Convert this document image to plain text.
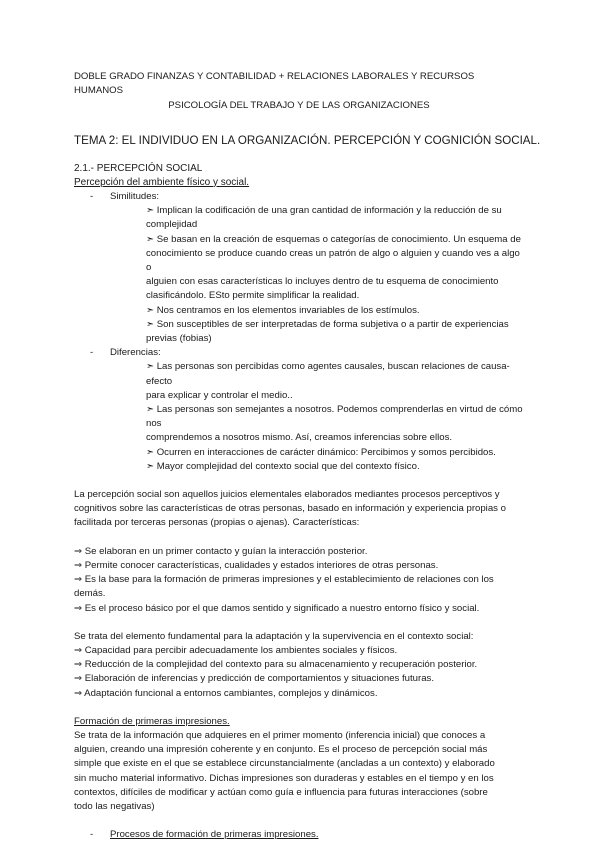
DOBLE GRADO FINANZAS Y CONTABILIDAD + RELACIONES LABORALES Y RECURSOS

HUMANOS

PSICOLOGÍA DEL TRABAJO Y DE LAS ORGANIZACIONES

TEMA 2: EL INDIVIDUO EN LA ORGANIZACIÓN. PERCEPCIÓN Y COGNICIÓN SOCIAL.

2.1.- PERCEPCIÓN SOCIAL

Percepción del ambiente físico y social.

- Similitudes:

➣ Implican la codificación de una gran cantidad de información y la reducción de su

complejidad

➣ Se basan en la creación de esquemas o categorías de conocimiento. Un esquema de

conocimiento se produce cuando creas un patrón de algo o alguien y cuando ves a algo o

alguien con esas características lo incluyes dentro de tu esquema de conocimiento

clasificándolo. ESto permite simplificar la realidad.

➣ Nos centramos en los elementos invariables de los estímulos.

➣ Son susceptibles de ser interpretadas de forma subjetiva o a partir de experiencias

previas (fobias)

- Diferencias:

➣ Las personas son percibidas como agentes causales, buscan relaciones de causa-efecto

para explicar y controlar el medio..

➣ Las personas son semejantes a nosotros. Podemos comprenderlas en virtud de cómo nos

comprendemos a nosotros mismo. Así, creamos inferencias sobre ellos.

➣ Ocurren en interacciones de carácter dinámico: Percibimos y somos percibidos.

➣ Mayor complejidad del contexto social que del contexto físico.

La percepción social son aquellos juicios elementales elaborados mediantes procesos perceptivos y

cognitivos sobre las características de otras personas, basado en información y experiencia propias o

facilitada por terceras personas (propias o ajenas). Características:

⇒ Se elaboran en un primer contacto y guían la interacción posterior.

⇒ Permite conocer características, cualidades y estados interiores de otras personas.

⇒ Es la base para la formación de primeras impresiones y el establecimiento de relaciones con los

demás.

⇒ Es el proceso básico por el que damos sentido y significado a nuestro entorno físico y social.

Se trata del elemento fundamental para la adaptación y la supervivencia en el contexto social:

⇒ Capacidad para percibir adecuadamente los ambientes sociales y físicos.

⇒ Reducción de la complejidad del contexto para su almacenamiento y recuperación posterior.

⇒ Elaboración de inferencias y predicción de comportamientos y situaciones futuras.

⇒ Adaptación funcional a entornos cambiantes, complejos y dinámicos.

Formación de primeras impresiones.

Se trata de la información que adquieres en el primer momento (inferencia inicial) que conoces a

alguien, creando una impresión coherente y en conjunto. Es el proceso de percepción social más

simple que existe en el que se establece circunstancialmente (ancladas a un contexto) y elaborado

sin mucho material informativo. Dichas impresiones son duraderas y estables en el tiempo y en los

contextos, difíciles de modificar y actúan como guía e influencia para futuras interacciones (sobre

todo las negativas)

- Procesos de formación de primeras impresiones.
